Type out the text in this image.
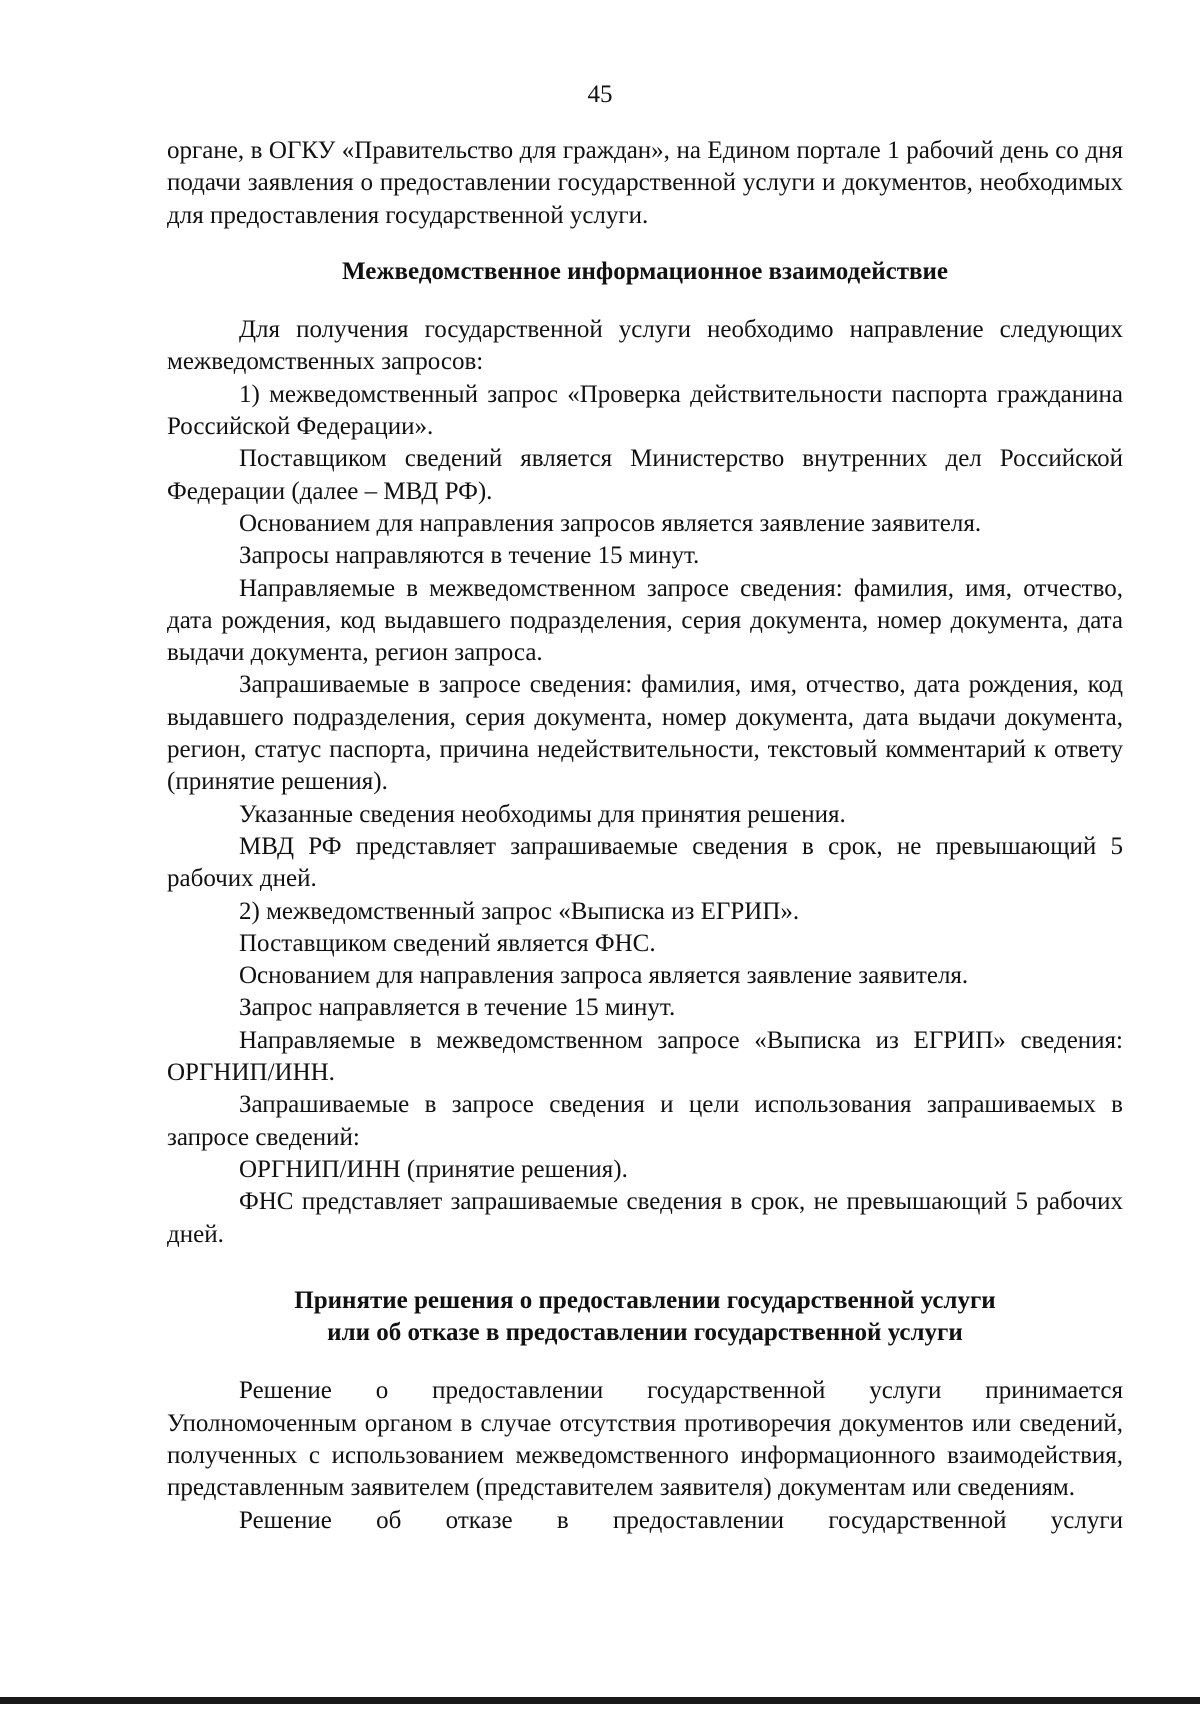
45

органе, в ОГКУ «Правительство для граждан», на Едином портале 1 рабочий день со дня подачи заявления о предоставлении государственной услуги и документов, необходимых для предоставления государственной услуги.

Межведомственное информационное взаимодействие

Для получения государственной услуги необходимо направление следующих межведомственных запросов:

1) межведомственный запрос «Проверка действительности паспорта гражданина Российской Федерации».

Поставщиком сведений является Министерство внутренних дел Российской Федерации (далее – МВД РФ).

Основанием для направления запросов является заявление заявителя.

Запросы направляются в течение 15 минут.

Направляемые в межведомственном запросе сведения: фамилия, имя, отчество, дата рождения, код выдавшего подразделения, серия документа, номер документа, дата выдачи документа, регион запроса.

Запрашиваемые в запросе сведения: фамилия, имя, отчество, дата рождения, код выдавшего подразделения, серия документа, номер документа, дата выдачи документа, регион, статус паспорта, причина недействительности, текстовый комментарий к ответу (принятие решения).

Указанные сведения необходимы для принятия решения.

МВД РФ представляет запрашиваемые сведения в срок, не превышающий 5 рабочих дней.

2) межведомственный запрос «Выписка из ЕГРИП».

Поставщиком сведений является ФНС.

Основанием для направления запроса является заявление заявителя.

Запрос направляется в течение 15 минут.

Направляемые в межведомственном запросе «Выписка из ЕГРИП» сведения: ОРГНИП/ИНН.

Запрашиваемые в запросе сведения и цели использования запрашиваемых в запросе сведений:

ОРГНИП/ИНН (принятие решения).

ФНС представляет запрашиваемые сведения в срок, не превышающий 5 рабочих дней.

Принятие решения о предоставлении государственной услуги
или об отказе в предоставлении государственной услуги

Решение о предоставлении государственной услуги принимается Уполномоченным органом в случае отсутствия противоречия документов или сведений, полученных с использованием межведомственного информационного взаимодействия, представленным заявителем (представителем заявителя) документам или сведениям.

Решение об отказе в предоставлении государственной услуги
